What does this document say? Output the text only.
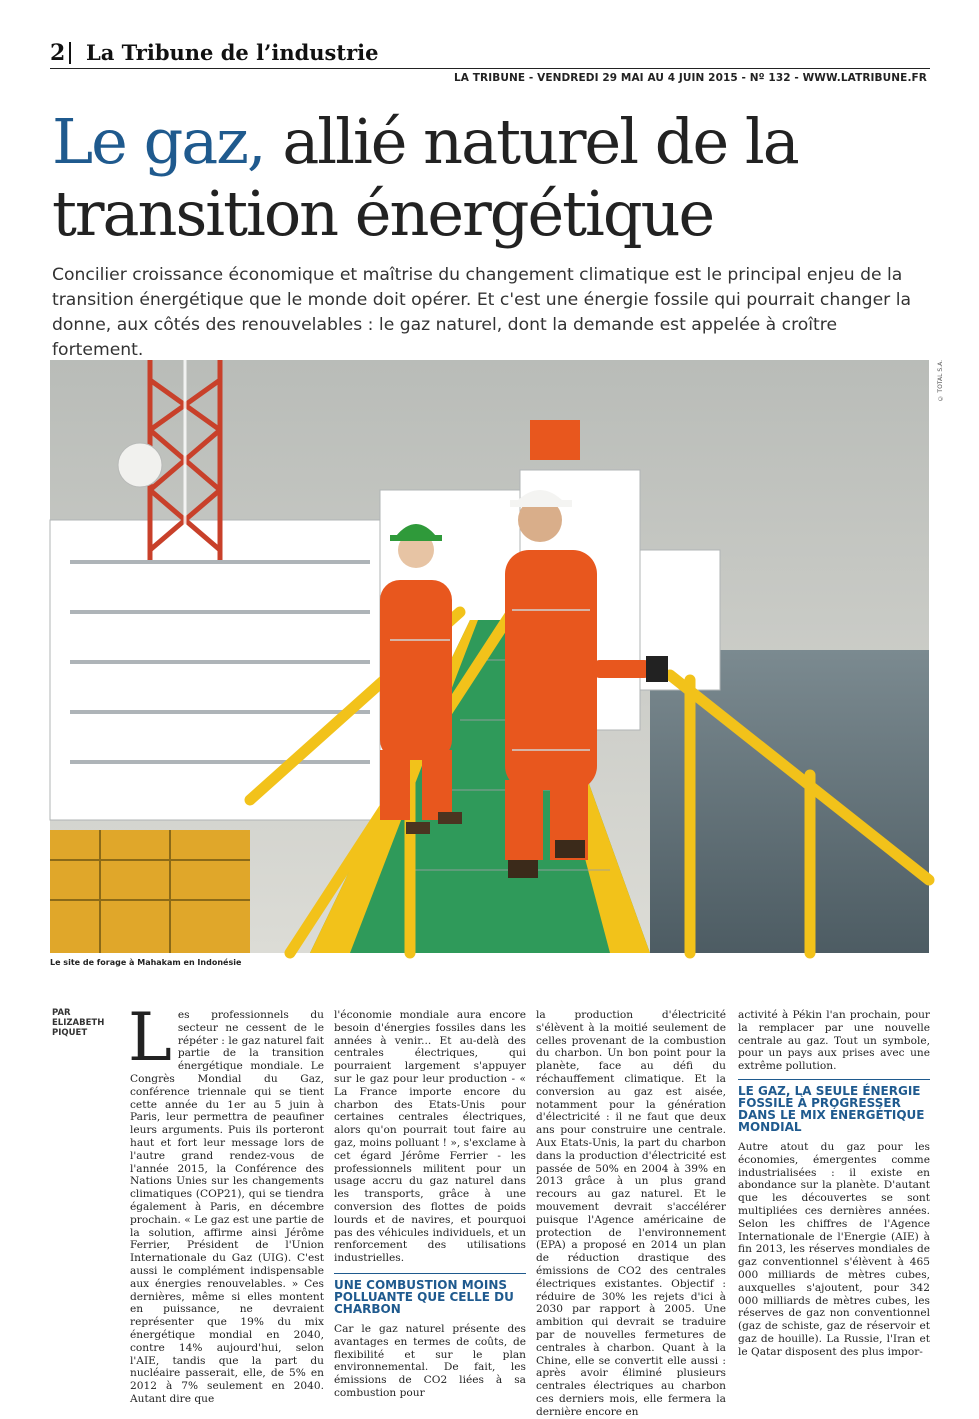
2 La Tribune de l’industrie
LA TRIBUNE - VENDREDI 29 MAI AU 4 JUIN 2015 - Nº 132 - WWW.LATRIBUNE.FR
Le gaz, allié naturel de la transition énergétique

Concilier croissance économique et maîtrise du changement climatique est le principal enjeu de la transition énergétique que le monde doit opérer. Et c'est une énergie fossile qui pourrait changer la donne, aux côtés des renouvelables : le gaz naturel, dont la demande est appelée à croître fortement.

© TOTAL S.A.
Le site de forage à Mahakam en Indonésie
PAR ELIZABETH PIQUET L es professionnels du secteur ne cessent de le répéter : le gaz naturel fait partie de la transition énergétique mondiale. Le Congrès Mondial du Gaz, conférence triennale qui se tient cette année du 1er au 5 juin à Paris, leur permettra de peaufiner leurs arguments. Puis ils porteront haut et fort leur message lors de l'autre grand rendez-vous de l'année 2015, la Conférence des Nations Unies sur les changements climatiques (COP21), qui se tiendra également à Paris, en décembre prochain. « Le gaz est une partie de la solution, affirme ainsi Jérôme Ferrier, Président de l'Union Internationale du Gaz (UIG). C'est aussi le complément indispensable aux énergies renouvelables. » Ces dernières, même si elles montent en puissance, ne devraient représenter que 19% du mix énergétique mondial en 2040, contre 14% aujourd'hui, selon l'AIE, tandis que la part du nucléaire passerait, elle, de 5% en 2012 à 7% seulement en 2040. Autant dire que

l'économie mondiale aura encore besoin d'énergies fossiles dans les années à venir... Et au-delà des centrales électriques, qui pourraient largement s'appuyer sur le gaz pour leur production - « La France importe encore du charbon des Etats-Unis pour certaines centrales électriques, alors qu'on pourrait tout faire au gaz, moins polluant ! », s'exclame à cet égard Jérôme Ferrier - les professionnels militent pour un usage accru du gaz naturel dans les transports, grâce à une conversion des flottes de poids lourds et de navires, et pourquoi pas des véhicules individuels, et un renforcement des utilisations industrielles.

UNE COMBUSTION MOINS POLLUANTE QUE CELLE DU CHARBON

Car le gaz naturel présente des avantages en termes de coûts, de flexibilité et sur le plan environnemental. De fait, les émissions de CO2 liées à sa combustion pour

la production d'électricité s'élèvent à la moitié seulement de celles provenant de la combustion du charbon. Un bon point pour la planète, face au défi du réchauffement climatique. Et la conversion au gaz est aisée, notamment pour la génération d'électricité : il ne faut que deux ans pour construire une centrale. Aux Etats-Unis, la part du charbon dans la production d'électricité est passée de 50% en 2004 à 39% en 2013 grâce à un plus grand recours au gaz naturel. Et le mouvement devrait s'accélérer puisque l'Agence américaine de protection de l'environnement (EPA) a proposé en 2014 un plan de réduction drastique des émissions de CO2 des centrales électriques existantes. Objectif : réduire de 30% les rejets d'ici à 2030 par rapport à 2005. Une ambition qui devrait se traduire par de nouvelles fermetures de centrales à charbon. Quant à la Chine, elle se convertit elle aussi : après avoir éliminé plusieurs centrales électriques au charbon ces derniers mois, elle fermera la dernière encore en

activité à Pékin l'an prochain, pour la remplacer par une nouvelle centrale au gaz. Tout un symbole, pour un pays aux prises avec une extrême pollution.

LE GAZ, LA SEULE ÉNERGIE FOSSILE À PROGRESSER DANS LE MIX ÉNERGÉTIQUE MONDIAL

Autre atout du gaz pour les économies, émergentes comme industrialisées : il existe en abondance sur la planète. D'autant que les découvertes se sont multipliées ces dernières années. Selon les chiffres de l'Agence Internationale de l'Energie (AIE) à fin 2013, les réserves mondiales de gaz conventionnel s'élèvent à 465 000 milliards de mètres cubes, auxquelles s'ajoutent, pour 342 000 milliards de mètres cubes, les réserves de gaz non conventionnel (gaz de schiste, gaz de réservoir et gaz de houille). La Russie, l'Iran et le Qatar disposent des plus impor-
